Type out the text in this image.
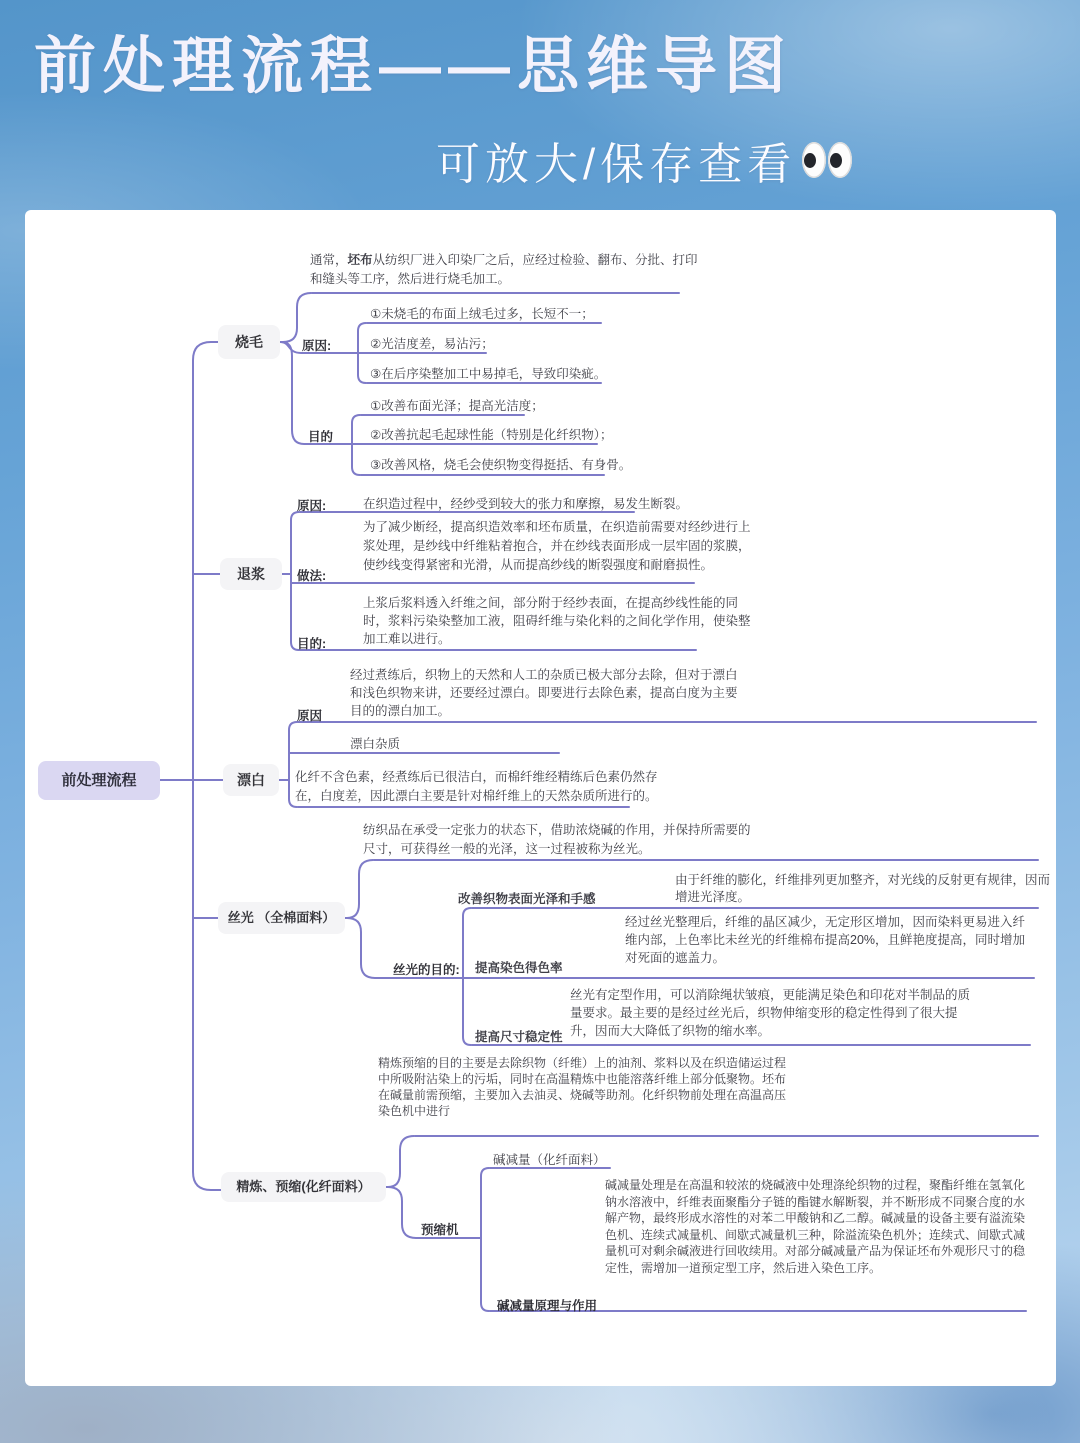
前处理流程——思维导图
可放大/保存查看
前处理流程
烧毛
通常，坯布从纺织厂进入印染厂之后，应经过检验、翻布、分批、打印和缝头等工序，然后进行烧毛加工。
原因:
①未烧毛的布面上绒毛过多，长短不一；
②光洁度差，易沾污；
③在后序染整加工中易掉毛，导致印染疵。
目的
①改善布面光泽；提高光洁度；
②改善抗起毛起球性能（特别是化纤织物）；
③改善风格，烧毛会使织物变得挺括、有身骨。
退浆
原因:	在织造过程中，经纱受到较大的张力和摩擦，易发生断裂。
做法:
为了减少断经，提高织造效率和坯布质量，在织造前需要对经纱进行上浆处理，是纱线中纤维粘着抱合，并在纱线表面形成一层牢固的浆膜，使纱线变得紧密和光滑，从而提高纱线的断裂强度和耐磨损性。
目的:
上浆后浆料透入纤维之间，部分附于经纱表面，在提高纱线性能的同时，浆料污染染整加工液，阻碍纤维与染化料的之间化学作用，使染整加工难以进行。
漂白
原因
经过煮练后，织物上的天然和人工的杂质已极大部分去除，但对于漂白和浅色织物来讲，还要经过漂白。即要进行去除色素，提高白度为主要目的的漂白加工。
漂白杂质
化纤不含色素，经煮练后已很洁白，而棉纤维经精练后色素仍然存在，白度差，因此漂白主要是针对棉纤维上的天然杂质所进行的。
丝光 （全棉面料）
纺织品在承受一定张力的状态下，借助浓烧碱的作用，并保持所需要的尺寸，可获得丝一般的光泽，这一过程被称为丝光。
改善织物表面光泽和手感
由于纤维的膨化，纤维排列更加整齐，对光线的反射更有规律，因而增进光泽度。
丝光的目的: 提高染色得色率
经过丝光整理后，纤维的晶区减少，无定形区增加，因而染料更易进入纤维内部，上色率比未丝光的纤维棉布提高20%，且鲜艳度提高，同时增加对死面的遮盖力。
提高尺寸稳定性
丝光有定型作用，可以消除绳状皱痕，更能满足染色和印花对半制品的质量要求。最主要的是经过丝光后，织物伸缩变形的稳定性得到了很大提升，因而大大降低了织物的缩水率。
精炼、预缩(化纤面料）
精炼预缩的目的主要是去除织物（纤维）上的油剂、浆料以及在织造储运过程中所吸附沾染上的污垢，同时在高温精炼中也能溶落纤维上部分低聚物。坯布在碱量前需预缩，主要加入去油灵、烧碱等助剂。化纤织物前处理在高温高压染色机中进行
碱减量（化纤面料）
预缩机
碱减量原理与作用
碱减量处理是在高温和较浓的烧碱液中处理涤纶织物的过程，聚酯纤维在氢氧化钠水溶液中，纤维表面聚酯分子链的酯键水解断裂，并不断形成不同聚合度的水解产物，最终形成水溶性的对苯二甲酸钠和乙二醇。碱减量的设备主要有溢流染色机、连续式减量机、间歇式减量机三种，除溢流染色机外；连续式、间歇式减量机可对剩余碱液进行回收续用。对部分碱减量产品为保证坯布外观形尺寸的稳定性，需增加一道预定型工序，然后进入染色工序。
